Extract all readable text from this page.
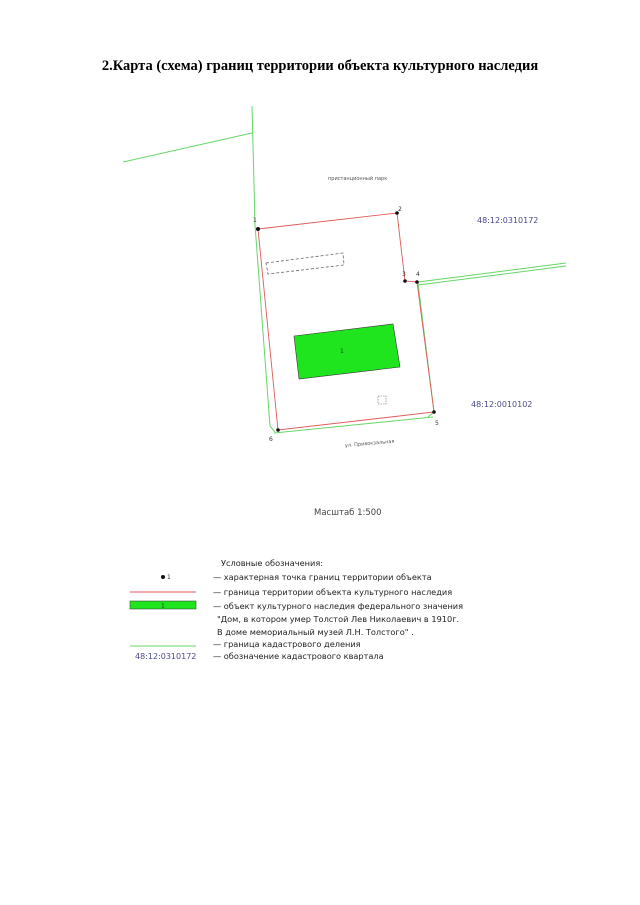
2.Карта (схема) границ территории объекта культурного наследия
1
1
2
3 4
5
6
пристанционный парк
ул. Привокзальная
48:12:0310172
48:12:0010102
Масштаб 1:500
Условные обозначения:
1	— характерная точка границ территории объекта
— граница территории объекта культурного наследия
1	— объект культурного наследия федерального значения
"Дом, в котором умер Толстой Лев Николаевич в 1910г.
В доме мемориальный музей Л.Н. Толстого" .
— граница кадастрового деления
48:12:0310172 — обозначение кадастрового квартала
